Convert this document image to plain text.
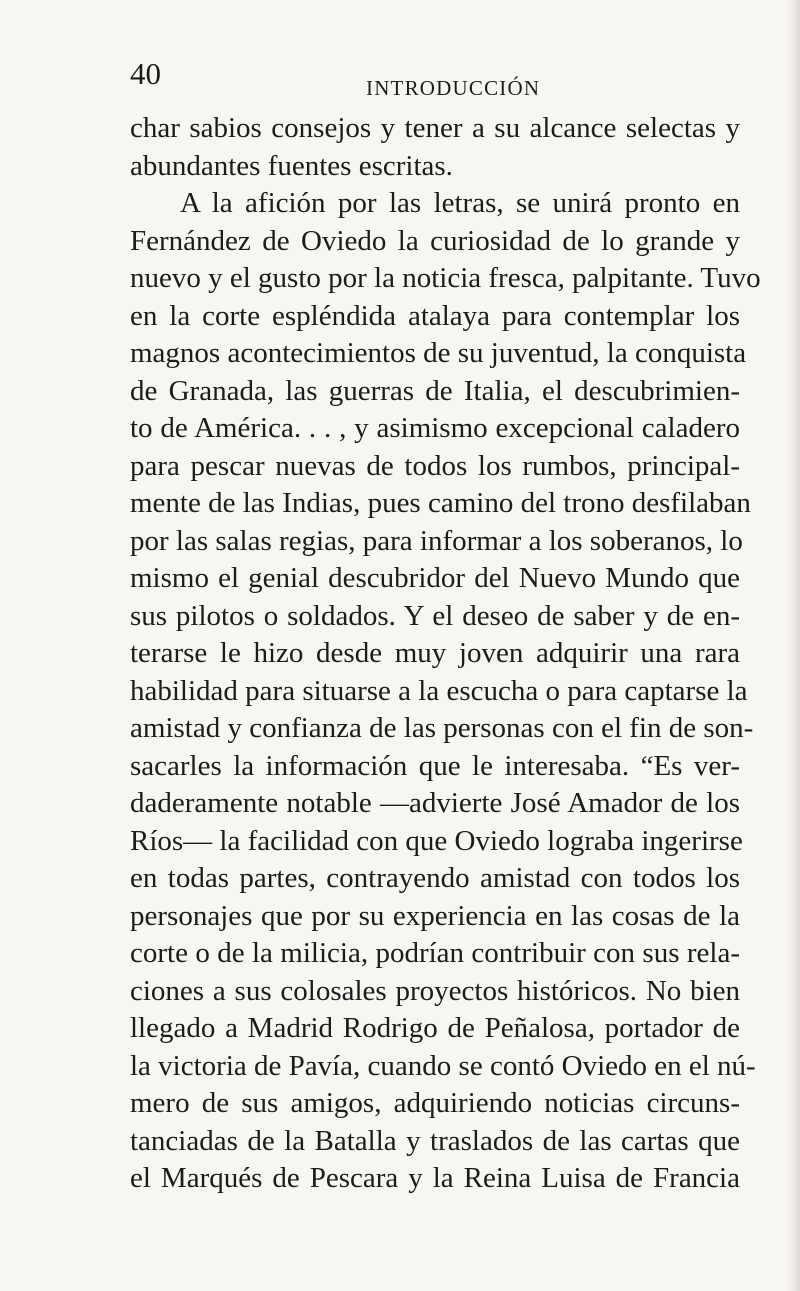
40	INTRODUCCIÓN

char sabios consejos y tener a su alcance selectas y
abundantes fuentes escritas.
A la afición por las letras, se unirá pronto en
Fernández de Oviedo la curiosidad de lo grande y
nuevo y el gusto por la noticia fresca, palpitante. Tuvo
en la corte espléndida atalaya para contemplar los
magnos acontecimientos de su juventud, la conquista
de Granada, las guerras de Italia, el descubrimien-
to de América. . . , y asimismo excepcional caladero
para pescar nuevas de todos los rumbos, principal-
mente de las Indias, pues camino del trono desfilaban
por las salas regias, para informar a los soberanos, lo
mismo el genial descubridor del Nuevo Mundo que
sus pilotos o soldados. Y el deseo de saber y de en-
terarse le hizo desde muy joven adquirir una rara
habilidad para situarse a la escucha o para captarse la
amistad y confianza de las personas con el fin de son-
sacarles la información que le interesaba. “Es ver-
daderamente notable —advierte José Amador de los
Ríos— la facilidad con que Oviedo lograba ingerirse
en todas partes, contrayendo amistad con todos los
personajes que por su experiencia en las cosas de la
corte o de la milicia, podrían contribuir con sus rela-
ciones a sus colosales proyectos históricos. No bien
llegado a Madrid Rodrigo de Peñalosa, portador de
la victoria de Pavía, cuando se contó Oviedo en el nú-
mero de sus amigos, adquiriendo noticias circuns-
tanciadas de la Batalla y traslados de las cartas que
el Marqués de Pescara y la Reina Luisa de Francia
